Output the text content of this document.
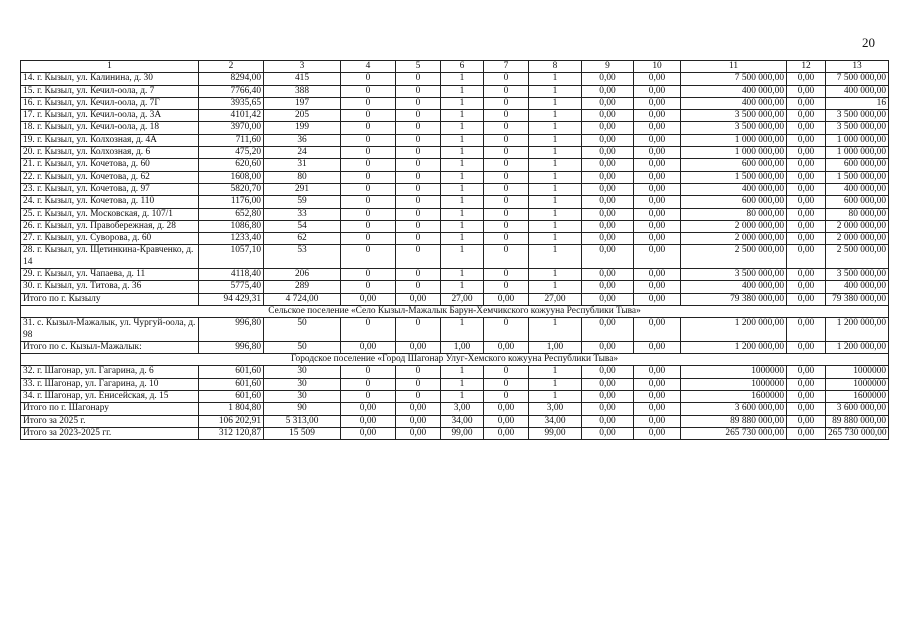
20
1	2	3	4	5	6	7	8	9	10	11	12	13
14. г. Кызыл, ул. Калинина, д. 30	8294,00	415	0	0	1	0	1	0,00	0,00	7 500 000,00	0,00	7 500 000,00
15. г. Кызыл, ул. Кечил-оола, д. 7	7766,40	388	0	0	1	0	1	0,00	0,00	400 000,00	0,00	400 000,00
16. г. Кызыл, ул. Кечил-оола, д. 7Г	3935,65	197	0	0	1	0	1	0,00	0,00	400 000,00	0,00	16
17. г. Кызыл, ул. Кечил-оола, д. 3А	4101,42	205	0	0	1	0	1	0,00	0,00	3 500 000,00	0,00	3 500 000,00
18. г. Кызыл, ул. Кечил-оола, д. 18	3970,00	199	0	0	1	0	1	0,00	0,00	3 500 000,00	0,00	3 500 000,00
19. г. Кызыл, ул. Колхозная, д. 4А	711,60	36	0	0	1	0	1	0,00	0,00	1 000 000,00	0,00	1 000 000,00
20. г. Кызыл, ул. Колхозная, д. 6	475,20	24	0	0	1	0	1	0,00	0,00	1 000 000,00	0,00	1 000 000,00
21. г. Кызыл, ул. Кочетова, д. 60	620,60	31	0	0	1	0	1	0,00	0,00	600 000,00	0,00	600 000,00
22. г. Кызыл, ул. Кочетова, д. 62	1608,00	80	0	0	1	0	1	0,00	0,00	1 500 000,00	0,00	1 500 000,00
23. г. Кызыл, ул. Кочетова, д. 97	5820,70	291	0	0	1	0	1	0,00	0,00	400 000,00	0,00	400 000,00
24. г. Кызыл, ул. Кочетова, д. 110	1176,00	59	0	0	1	0	1	0,00	0,00	600 000,00	0,00	600 000,00
25. г. Кызыл, ул. Московская, д. 107/1	652,80	33	0	0	1	0	1	0,00	0,00	80 000,00	0,00	80 000,00
26. г. Кызыл, ул. Правобережная, д. 28	1086,80	54	0	0	1	0	1	0,00	0,00	2 000 000,00	0,00	2 000 000,00
27. г. Кызыл, ул. Суворова, д. 60	1233,40	62	0	0	1	0	1	0,00	0,00	2 000 000,00	0,00	2 000 000,00
28. г. Кызыл, ул. Щетинкина-Кравченко, д. 14	1057,10	53	0	0	1	0	1	0,00	0,00	2 500 000,00	0,00	2 500 000,00
29. г. Кызыл, ул. Чапаева, д. 11	4118,40	206	0	0	1	0	1	0,00	0,00	3 500 000,00	0,00	3 500 000,00
30. г. Кызыл, ул. Титова, д. 36	5775,40	289	0	0	1	0	1	0,00	0,00	400 000,00	0,00	400 000,00
Итого по г. Кызылу	94 429,31	4 724,00	0,00	0,00	27,00	0,00	27,00	0,00	0,00	79 380 000,00	0,00	79 380 000,00
Сельское поселение «Село Кызыл-Мажалык Барун-Хемчикского кожууна Республики Тыва»												
31. с. Кызыл-Мажалык, ул. Чургуй-оола, д. 98	996,80	50	0	0	1	0	1	0,00	0,00	1 200 000,00	0,00	1 200 000,00
Итого по с. Кызыл-Мажалык:	996,80	50	0,00	0,00	1,00	0,00	1,00	0,00	0,00	1 200 000,00	0,00	1 200 000,00
Городское поселение «Город Шагонар Улуг-Хемского кожууна Республики Тыва»												
32. г. Шагонар, ул. Гагарина, д. 6	601,60	30	0	0	1	0	1	0,00	0,00	1000000	0,00	1000000
33. г. Шагонар, ул. Гагарина, д. 10	601,60	30	0	0	1	0	1	0,00	0,00	1000000	0,00	1000000
34. г. Шагонар, ул. Енисейская, д. 15	601,60	30	0	0	1	0	1	0,00	0,00	1600000	0,00	1600000
Итого по г. Шагонару	1 804,80	90	0,00	0,00	3,00	0,00	3,00	0,00	0,00	3 600 000,00	0,00	3 600 000,00
Итого за 2025 г.	106 202,91	5 313,00	0,00	0,00	34,00	0,00	34,00	0,00	0,00	89 880 000,00	0,00	89 880 000,00
Итого за 2023-2025 гг.	312 120,87	15 509	0,00	0,00	99,00	0,00	99,00	0,00	0,00	265 730 000,00	0,00	265 730 000,00
